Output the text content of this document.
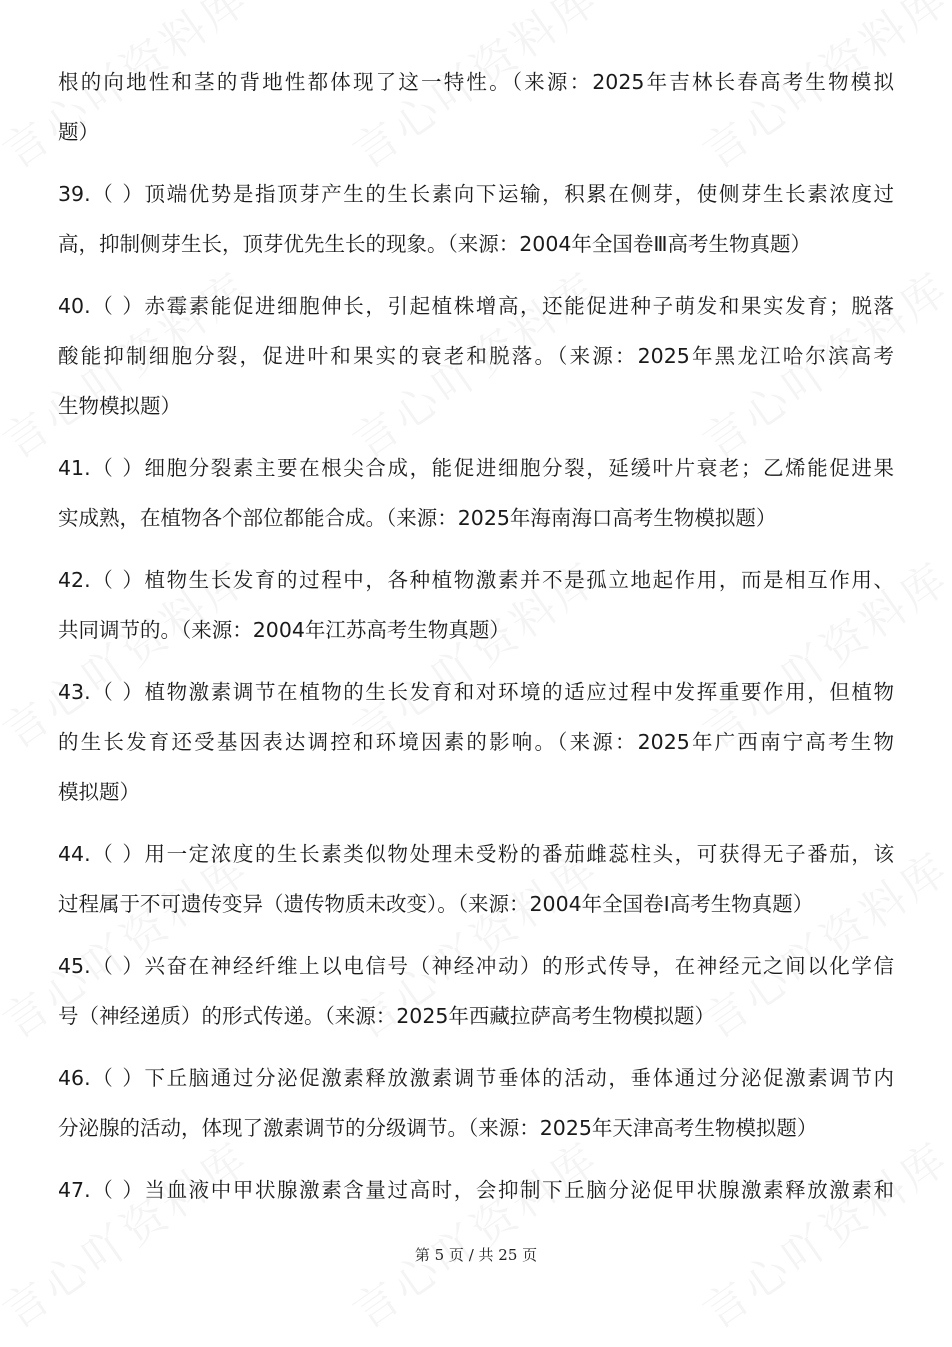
根的向地性和茎的背地性都体现了这一特性。（来源：2025年吉林长春高考生物模拟
题）
39.（ ）顶端优势是指顶芽产生的生长素向下运输，积累在侧芽，使侧芽生长素浓度过
高，抑制侧芽生长，顶芽优先生长的现象。（来源：2004年全国卷Ⅲ高考生物真题）
40.（ ）赤霉素能促进细胞伸长，引起植株增高，还能促进种子萌发和果实发育；脱落
酸能抑制细胞分裂，促进叶和果实的衰老和脱落。（来源：2025年黑龙江哈尔滨高考
生物模拟题）
41.（ ）细胞分裂素主要在根尖合成，能促进细胞分裂，延缓叶片衰老；乙烯能促进果
实成熟，在植物各个部位都能合成。（来源：2025年海南海口高考生物模拟题）
42.（ ）植物生长发育的过程中，各种植物激素并不是孤立地起作用，而是相互作用、
共同调节的。（来源：2004年江苏高考生物真题）
43.（ ）植物激素调节在植物的生长发育和对环境的适应过程中发挥重要作用，但植物
的生长发育还受基因表达调控和环境因素的影响。（来源：2025年广西南宁高考生物
模拟题）
44.（ ）用一定浓度的生长素类似物处理未受粉的番茄雌蕊柱头，可获得无子番茄，该
过程属于不可遗传变异（遗传物质未改变）。（来源：2004年全国卷Ⅰ高考生物真题）
45.（ ）兴奋在神经纤维上以电信号（神经冲动）的形式传导，在神经元之间以化学信
号（神经递质）的形式传递。（来源：2025年西藏拉萨高考生物模拟题）
46.（ ）下丘脑通过分泌促激素释放激素调节垂体的活动，垂体通过分泌促激素调节内
分泌腺的活动，体现了激素调节的分级调节。（来源：2025年天津高考生物模拟题）
47.（ ）当血液中甲状腺激素含量过高时，会抑制下丘脑分泌促甲状腺激素释放激素和
第 5 页 / 共 25 页
